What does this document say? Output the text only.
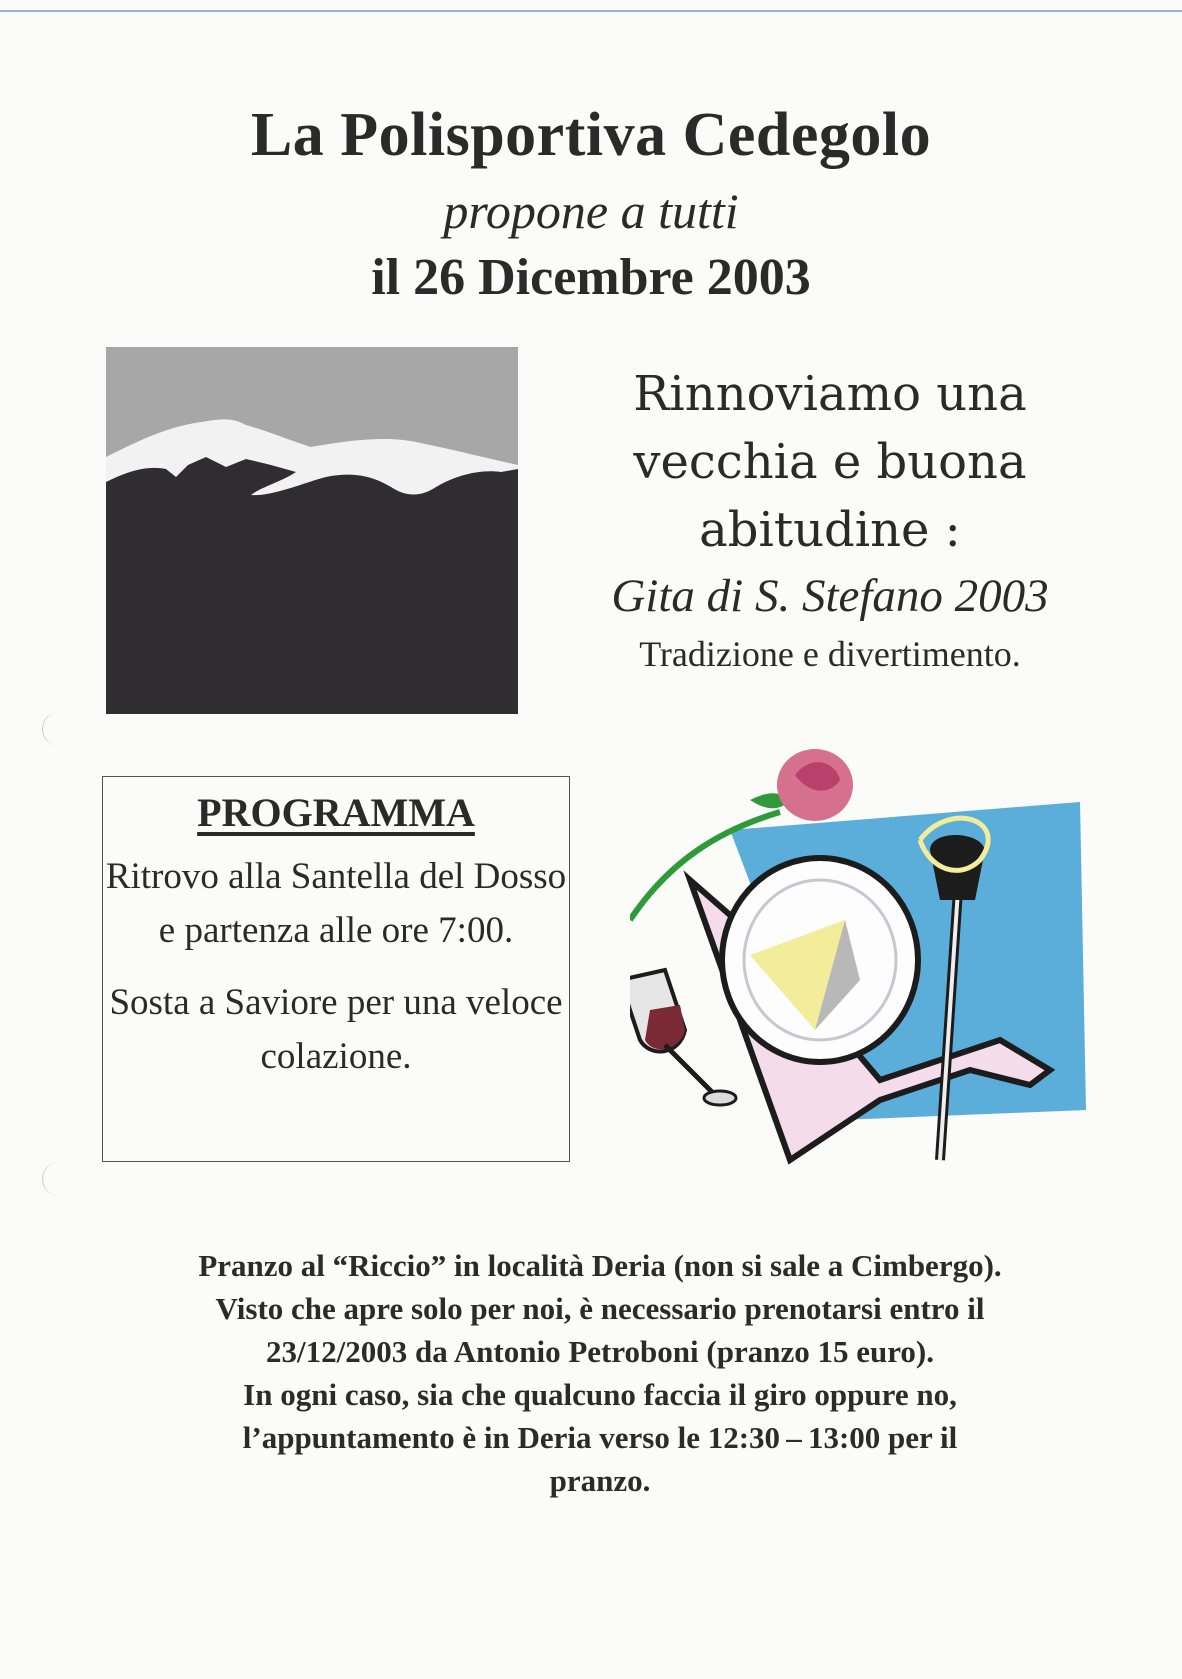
La Polisportiva Cedegolo
propone a tutti
il 26 Dicembre 2003
Rinnoviamo una
vecchia e buona
abitudine :
Gita di S. Stefano 2003
Tradizione e divertimento.
PROGRAMMA

Ritrovo alla Santella del Dosso e partenza alle ore 7:00.

Sosta a Saviore per una veloce colazione.

Pranzo al “Riccio” in località Deria (non si sale a Cimbergo).
Visto che apre solo per noi, è necessario prenotarsi entro il
23/12/2003 da Antonio Petroboni (pranzo 15 euro).
In ogni caso, sia che qualcuno faccia il giro oppure no,
l’appuntamento è in Deria verso le 12:30 – 13:00 per il
pranzo.
